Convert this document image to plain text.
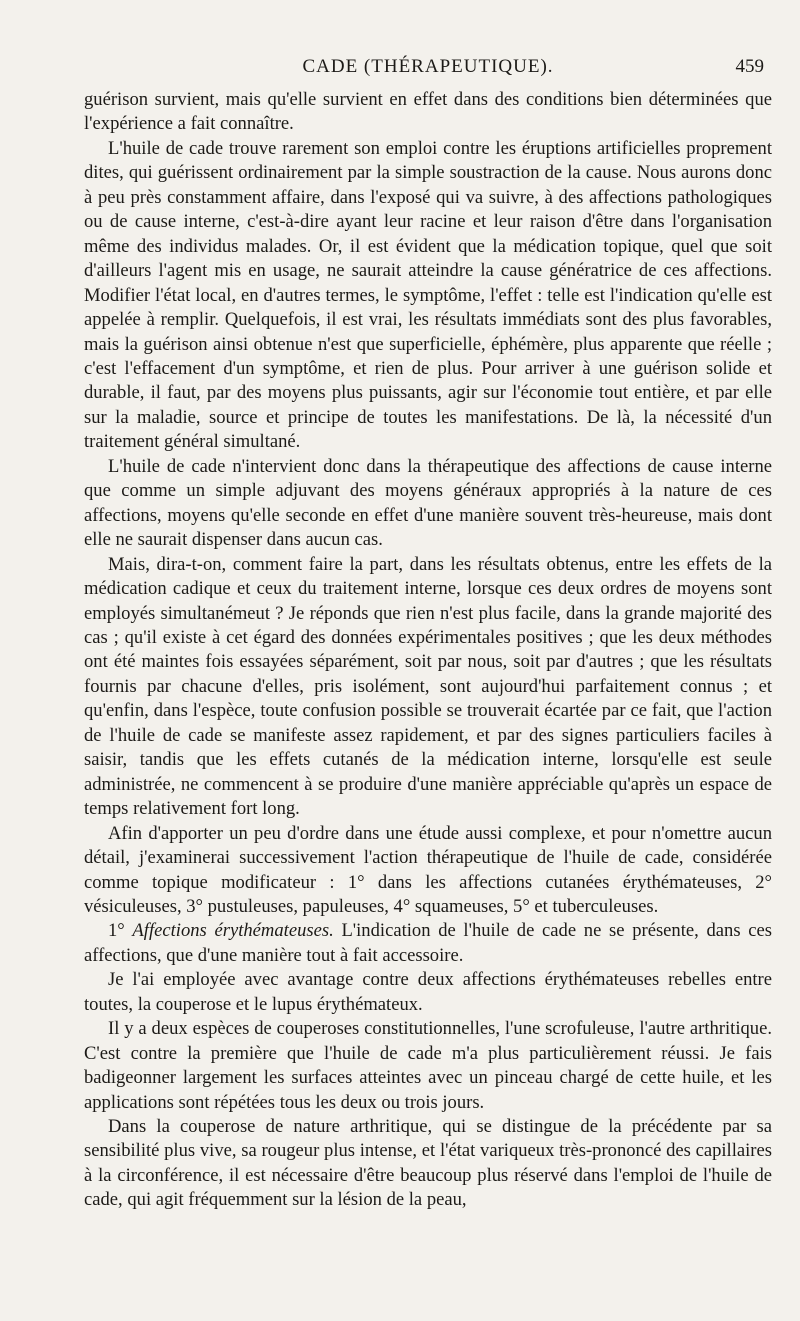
CADE (THÉRAPEUTIQUE).	459

guérison survient, mais qu'elle survient en effet dans des conditions bien déterminées que l'expérience a fait connaître.

L'huile de cade trouve rarement son emploi contre les éruptions artificielles proprement dites, qui guérissent ordinairement par la simple soustraction de la cause. Nous aurons donc à peu près constamment affaire, dans l'exposé qui va suivre, à des affections pathologiques ou de cause interne, c'est-à-dire ayant leur racine et leur raison d'être dans l'organisation même des individus malades. Or, il est évident que la médication topique, quel que soit d'ailleurs l'agent mis en usage, ne saurait atteindre la cause génératrice de ces affections. Modifier l'état local, en d'autres termes, le symptôme, l'effet : telle est l'indication qu'elle est appelée à remplir. Quelquefois, il est vrai, les résultats immédiats sont des plus favorables, mais la guérison ainsi obtenue n'est que superficielle, éphémère, plus apparente que réelle ; c'est l'effacement d'un symptôme, et rien de plus. Pour arriver à une guérison solide et durable, il faut, par des moyens plus puissants, agir sur l'économie tout entière, et par elle sur la maladie, source et principe de toutes les manifestations. De là, la nécessité d'un traitement général simultané.

L'huile de cade n'intervient donc dans la thérapeutique des affections de cause interne que comme un simple adjuvant des moyens généraux appropriés à la nature de ces affections, moyens qu'elle seconde en effet d'une manière souvent très-heureuse, mais dont elle ne saurait dispenser dans aucun cas.

Mais, dira-t-on, comment faire la part, dans les résultats obtenus, entre les effets de la médication cadique et ceux du traitement interne, lorsque ces deux ordres de moyens sont employés simultanémeut ? Je réponds que rien n'est plus facile, dans la grande majorité des cas ; qu'il existe à cet égard des données expérimentales positives ; que les deux méthodes ont été maintes fois essayées séparément, soit par nous, soit par d'autres ; que les résultats fournis par chacune d'elles, pris isolément, sont aujourd'hui parfaitement connus ; et qu'enfin, dans l'espèce, toute confusion possible se trouverait écartée par ce fait, que l'action de l'huile de cade se manifeste assez rapidement, et par des signes particuliers faciles à saisir, tandis que les effets cutanés de la médication interne, lorsqu'elle est seule administrée, ne commencent à se produire d'une manière appréciable qu'après un espace de temps relativement fort long.

Afin d'apporter un peu d'ordre dans une étude aussi complexe, et pour n'omettre aucun détail, j'examinerai successivement l'action thérapeutique de l'huile de cade, considérée comme topique modificateur : 1° dans les affections cutanées érythémateuses, 2° vésiculeuses, 3° pustuleuses, papuleuses, 4° squameuses, 5° et tuberculeuses.

1° Affections érythémateuses. L'indication de l'huile de cade ne se présente, dans ces affections, que d'une manière tout à fait accessoire.

Je l'ai employée avec avantage contre deux affections érythémateuses rebelles entre toutes, la couperose et le lupus érythémateux.

Il y a deux espèces de couperoses constitutionnelles, l'une scrofuleuse, l'autre arthritique. C'est contre la première que l'huile de cade m'a plus particulièrement réussi. Je fais badigeonner largement les surfaces atteintes avec un pinceau chargé de cette huile, et les applications sont répétées tous les deux ou trois jours.

Dans la couperose de nature arthritique, qui se distingue de la précédente par sa sensibilité plus vive, sa rougeur plus intense, et l'état variqueux très-prononcé des capillaires à la circonférence, il est nécessaire d'être beaucoup plus réservé dans l'emploi de l'huile de cade, qui agit fréquemment sur la lésion de la peau,
